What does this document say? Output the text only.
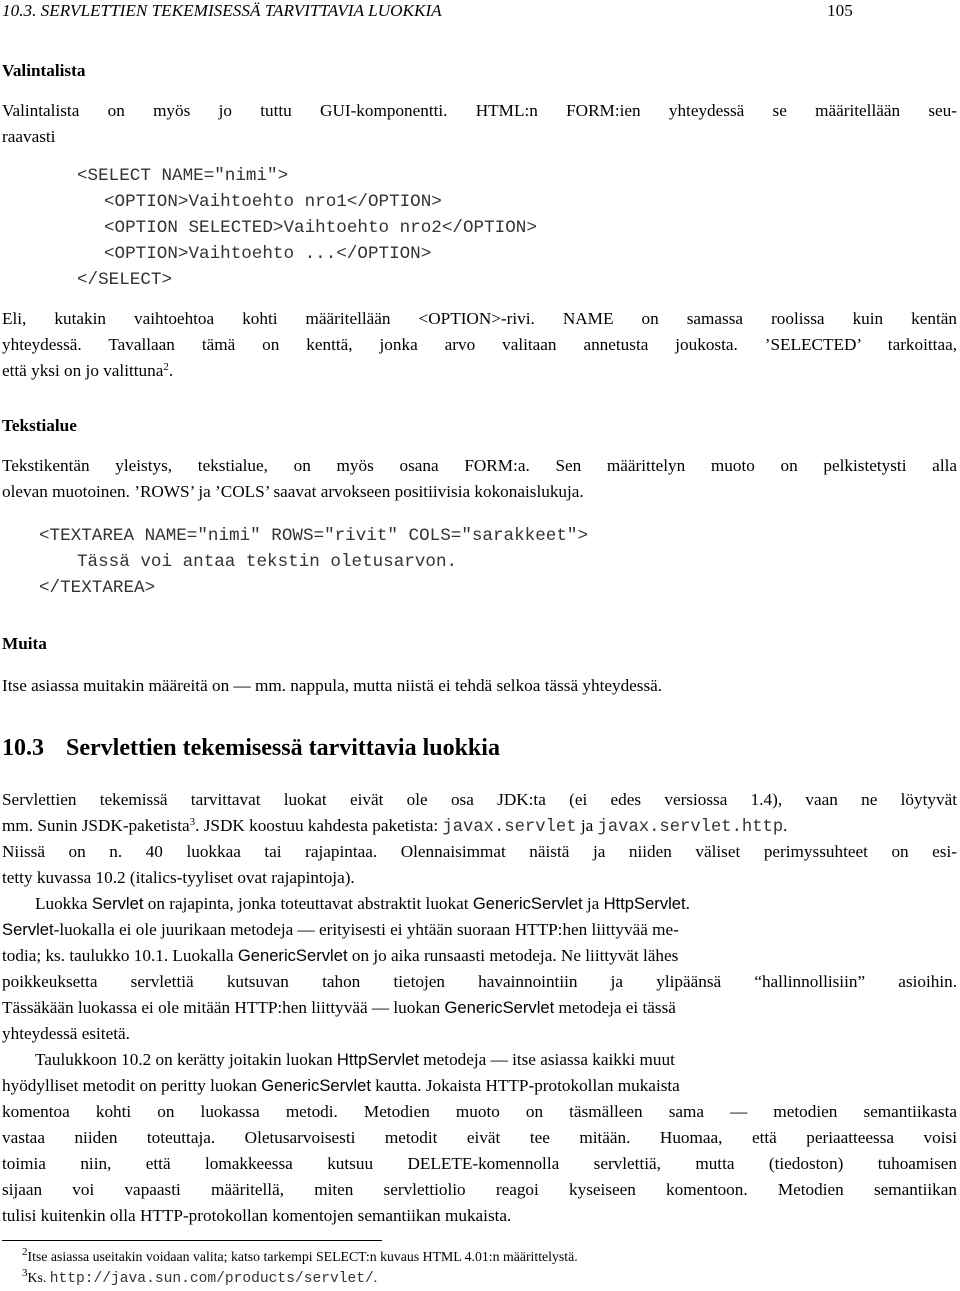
10.3. SERVLETTIEN TEKEMISESSÄ TARVITTAVIA LUOKKIA	105
Valintalista
Valintalista on myös jo tuttu GUI-komponentti. HTML:n FORM:ien yhteydessä se määritellään seu-
raavasti
<SELECT NAME="nimi">
<OPTION>Vaihtoehto nro1</OPTION>
<OPTION SELECTED>Vaihtoehto nro2</OPTION>
<OPTION>Vaihtoehto ...</OPTION>
</SELECT>
Eli, kutakin vaihtoehtoa kohti määritellään <OPTION>-rivi. NAME on samassa roolissa kuin kentän
yhteydessä. Tavallaan tämä on kenttä, jonka arvo valitaan annetusta joukosta. ’SELECTED’ tarkoittaa,
että yksi on jo valittuna$^2$.
Tekstialue
Tekstikentän yleistys, tekstialue, on myös osana FORM:a. Sen määrittelyn muoto on pelkistetysti alla
olevan muotoinen. ’ROWS’ ja ’COLS’ saavat arvokseen positiivisia kokonaislukuja.
<TEXTAREA NAME="nimi" ROWS="rivit" COLS="sarakkeet">
Tässä voi antaa tekstin oletusarvon.
</TEXTAREA>
Muita
Itse asiassa muitakin määreitä on — mm. nappula, mutta niistä ei tehdä selkoa tässä yhteydessä.
10.3 Servlettien tekemisessä tarvittavia luokkia
Servlettien tekemissä tarvittavat luokat eivät ole osa JDK:ta (ei edes versiossa 1.4), vaan ne löytyvät
mm. Sunin JSDK-paketista$^3$. JSDK koostuu kahdesta paketista: javax.servlet ja javax.servlet.http.
Niissä on n. 40 luokkaa tai rajapintaa. Olennaisimmat näistä ja niiden väliset perimyssuhteet on esi-
tetty kuvassa 10.2 (italics-tyyliset ovat rajapintoja).
Luokka Servlet on rajapinta, jonka toteuttavat abstraktit luokat GenericServlet ja HttpServlet.
Servlet-luokalla ei ole juurikaan metodeja — erityisesti ei yhtään suoraan HTTP:hen liittyvää me-
todia; ks. taulukko 10.1. Luokalla GenericServlet on jo aika runsaasti metodeja. Ne liittyvät lähes
poikkeuksetta servlettiä kutsuvan tahon tietojen havainnointiin ja ylipäänsä “hallinnollisiin” asioihin.
Tässäkään luokassa ei ole mitään HTTP:hen liittyvää — luokan GenericServlet metodeja ei tässä
yhteydessä esitetä.
Taulukkoon 10.2 on kerätty joitakin luokan HttpServlet metodeja — itse asiassa kaikki muut
hyödylliset metodit on peritty luokan GenericServlet kautta. Jokaista HTTP-protokollan mukaista
komentoa kohti on luokassa metodi. Metodien muoto on täsmälleen sama — metodien semantiikasta
vastaa niiden toteuttaja. Oletusarvoisesti metodit eivät tee mitään. Huomaa, että periaatteessa voisi
toimia niin, että lomakkeessa kutsuu DELETE-komennolla servlettiä, mutta (tiedoston) tuhoamisen
sijaan voi vapaasti määritellä, miten servlettiolio reagoi kyseiseen komentoon. Metodien semantiikan
tulisi kuitenkin olla HTTP-protokollan komentojen semantiikan mukaista.
$^2$Itse asiassa useitakin voidaan valita; katso tarkempi SELECT:n kuvaus HTML 4.01:n määrittelystä.
$^3$Ks. http://java.sun.com/products/servlet/.
